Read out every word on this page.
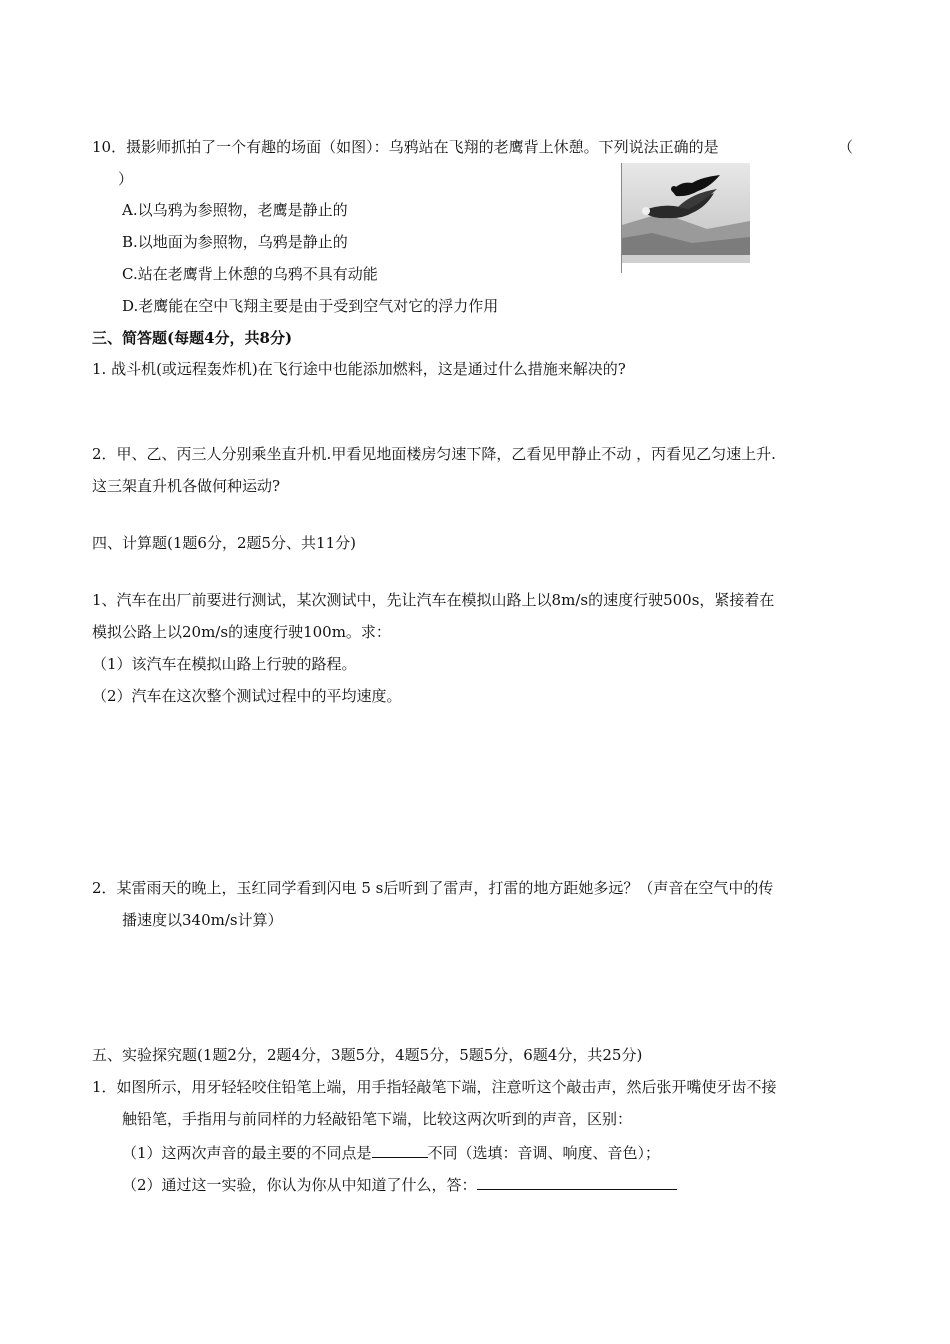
10．摄影师抓拍了一个有趣的场面（如图）：乌鸦站在飞翔的老鹰背上休憩。下列说法正确的是	（
）
A.以乌鸦为参照物，老鹰是静止的
B.以地面为参照物，乌鸦是静止的
C.站在老鹰背上休憩的乌鸦不具有动能
D.老鹰能在空中飞翔主要是由于受到空气对它的浮力作用
三、简答题(每题4分，共8分)
1. 战斗机(或远程轰炸机)在飞行途中也能添加燃料，这是通过什么措施来解决的?
2．甲、乙、丙三人分别乘坐直升机.甲看见地面楼房匀速下降，乙看见甲静止不动 ，丙看见乙匀速上升.
这三架直升机各做何种运动?
四、计算题(1题6分，2题5分、共11分)
1、汽车在出厂前要进行测试，某次测试中，先让汽车在模拟山路上以8m/s的速度行驶500s，紧接着在
模拟公路上以20m/s的速度行驶100m。求：
（1）该汽车在模拟山路上行驶的路程。
（2）汽车在这次整个测试过程中的平均速度。
2．某雷雨天的晚上，玉红同学看到闪电 5 s后听到了雷声，打雷的地方距她多远？（声音在空气中的传
播速度以340m/s计算）
五、实验探究题(1题2分，2题4分，3题5分，4题5分，5题5分，6题4分，共25分)
1．如图所示，用牙轻轻咬住铅笔上端，用手指轻敲笔下端，注意听这个敲击声，然后张开嘴使牙齿不接
触铅笔，手指用与前同样的力轻敲铅笔下端，比较这两次听到的声音，区别：
（1）这两次声音的最主要的不同点是	不同（选填：音调、响度、音色）；
（2）通过这一实验，你认为你从中知道了什么，答：
